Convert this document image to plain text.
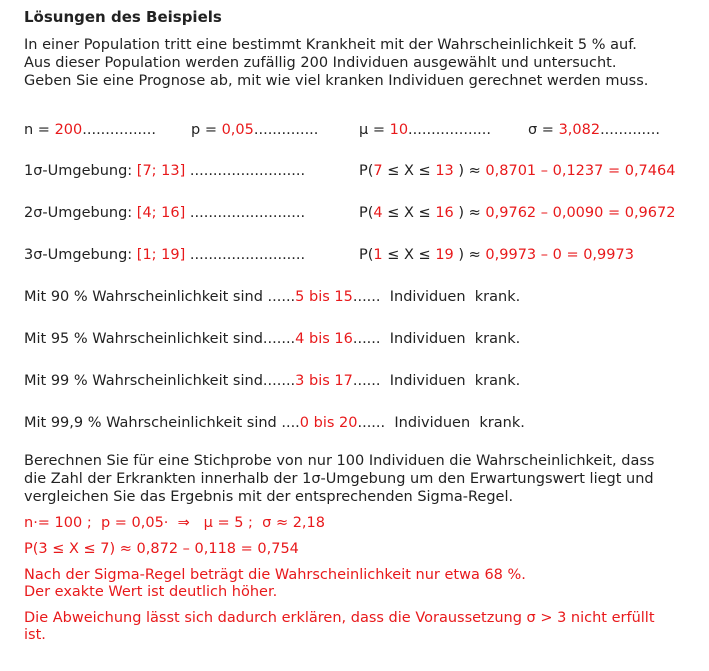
Lösungen des Beispiels
In einer Population tritt eine bestimmt Krankheit mit der Wahrscheinlichkeit 5 % auf.
Aus dieser Population werden zufällig 200 Individuen ausgewählt und untersucht.
Geben Sie eine Prognose ab, mit wie viel kranken Individuen gerechnet werden muss.
n = 200................ p = 0,05..............	μ = 10..................	σ = 3,082.............
1σ-Umgebung: [7; 13] .........................	P(7 ≤ X ≤ 13 ) ≈ 0,8701 – 0,1237 = 0,7464
2σ-Umgebung: [4; 16] .........................	P(4 ≤ X ≤ 16 ) ≈ 0,9762 – 0,0090 = 0,9672
3σ-Umgebung: [1; 19] .........................	P(1 ≤ X ≤ 19 ) ≈ 0,9973 – 0 = 0,9973
Mit 90 % Wahrscheinlichkeit sind ......5 bis 15......  Individuen  krank.
Mit 95 % Wahrscheinlichkeit sind.......4 bis 16......  Individuen  krank.
Mit 99 % Wahrscheinlichkeit sind.......3 bis 17......  Individuen  krank.
Mit 99,9 % Wahrscheinlichkeit sind ....0 bis 20......  Individuen  krank.
Berechnen Sie für eine Stichprobe von nur 100 Individuen die Wahrscheinlichkeit, dass
die Zahl der Erkrankten innerhalb der 1σ-Umgebung um den Erwartungswert liegt und
vergleichen Sie das Ergebnis mit der entsprechenden Sigma-Regel.
n·= 100 ;  p = 0,05·  ⇒   μ = 5 ;  σ ≈ 2,18
P(3 ≤ X ≤ 7) ≈ 0,872 – 0,118 = 0,754
Nach der Sigma-Regel beträgt die Wahrscheinlichkeit nur etwa 68 %.
Der exakte Wert ist deutlich höher.
Die Abweichung lässt sich dadurch erklären, dass die Voraussetzung σ > 3 nicht erfüllt
ist.
